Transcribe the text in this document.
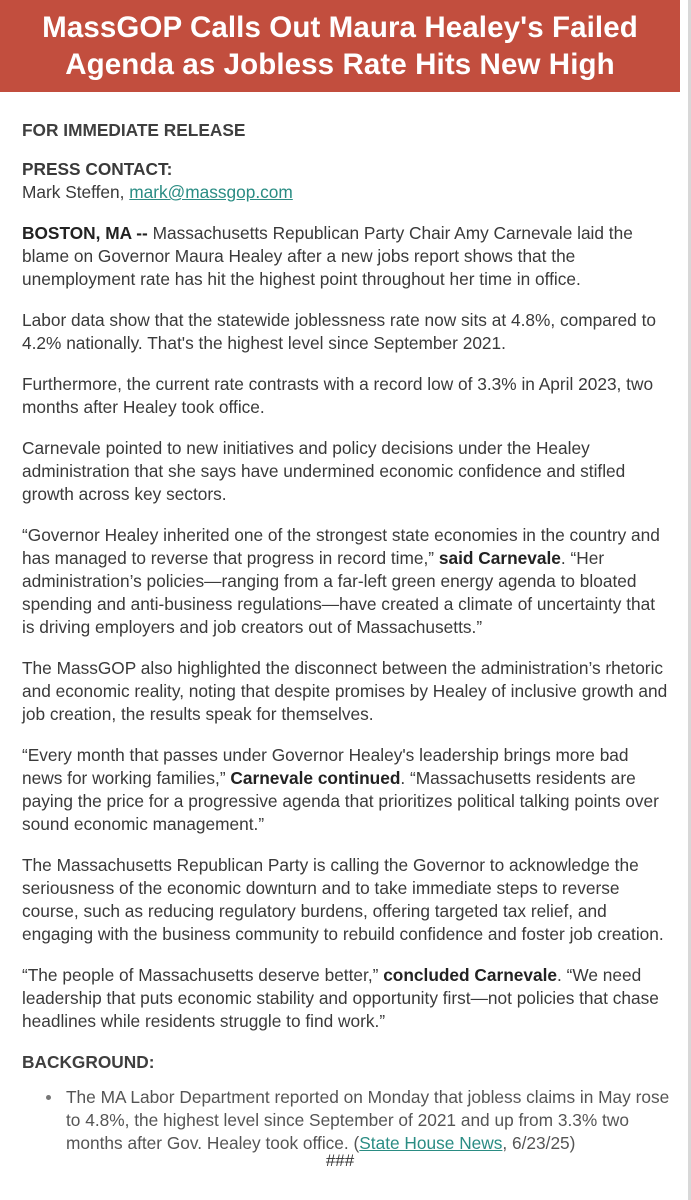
MassGOP Calls Out Maura Healey's Failed
Agenda as Jobless Rate Hits New High

FOR IMMEDIATE RELEASE

PRESS CONTACT:
Mark Steffen, mark@massgop.com

BOSTON, MA -- Massachusetts Republican Party Chair Amy Carnevale laid the blame on Governor Maura Healey after a new jobs report shows that the unemployment rate has hit the highest point throughout her time in office.

Labor data show that the statewide joblessness rate now sits at 4.8%, compared to 4.2% nationally. That's the highest level since September 2021.

Furthermore, the current rate contrasts with a record low of 3.3% in April 2023, two months after Healey took office.

Carnevale pointed to new initiatives and policy decisions under the Healey administration that she says have undermined economic confidence and stifled growth across key sectors.

“Governor Healey inherited one of the strongest state economies in the country and has managed to reverse that progress in record time,” said Carnevale. “Her administration’s policies—ranging from a far-left green energy agenda to bloated spending and anti-business regulations—have created a climate of uncertainty that is driving employers and job creators out of Massachusetts.”

The MassGOP also highlighted the disconnect between the administration’s rhetoric and economic reality, noting that despite promises by Healey of inclusive growth and job creation, the results speak for themselves.

“Every month that passes under Governor Healey's leadership brings more bad news for working families,” Carnevale continued. “Massachusetts residents are paying the price for a progressive agenda that prioritizes political talking points over sound economic management.”

The Massachusetts Republican Party is calling the Governor to acknowledge the seriousness of the economic downturn and to take immediate steps to reverse course, such as reducing regulatory burdens, offering targeted tax relief, and engaging with the business community to rebuild confidence and foster job creation.

“The people of Massachusetts deserve better,” concluded Carnevale. “We need leadership that puts economic stability and opportunity first—not policies that chase headlines while residents struggle to find work.”

BACKGROUND:
The MA Labor Department reported on Monday that jobless claims in May rose to 4.8%, the highest level since September of 2021 and up from 3.3% two months after Gov. Healey took office. (State House News, 6/23/25)
###
